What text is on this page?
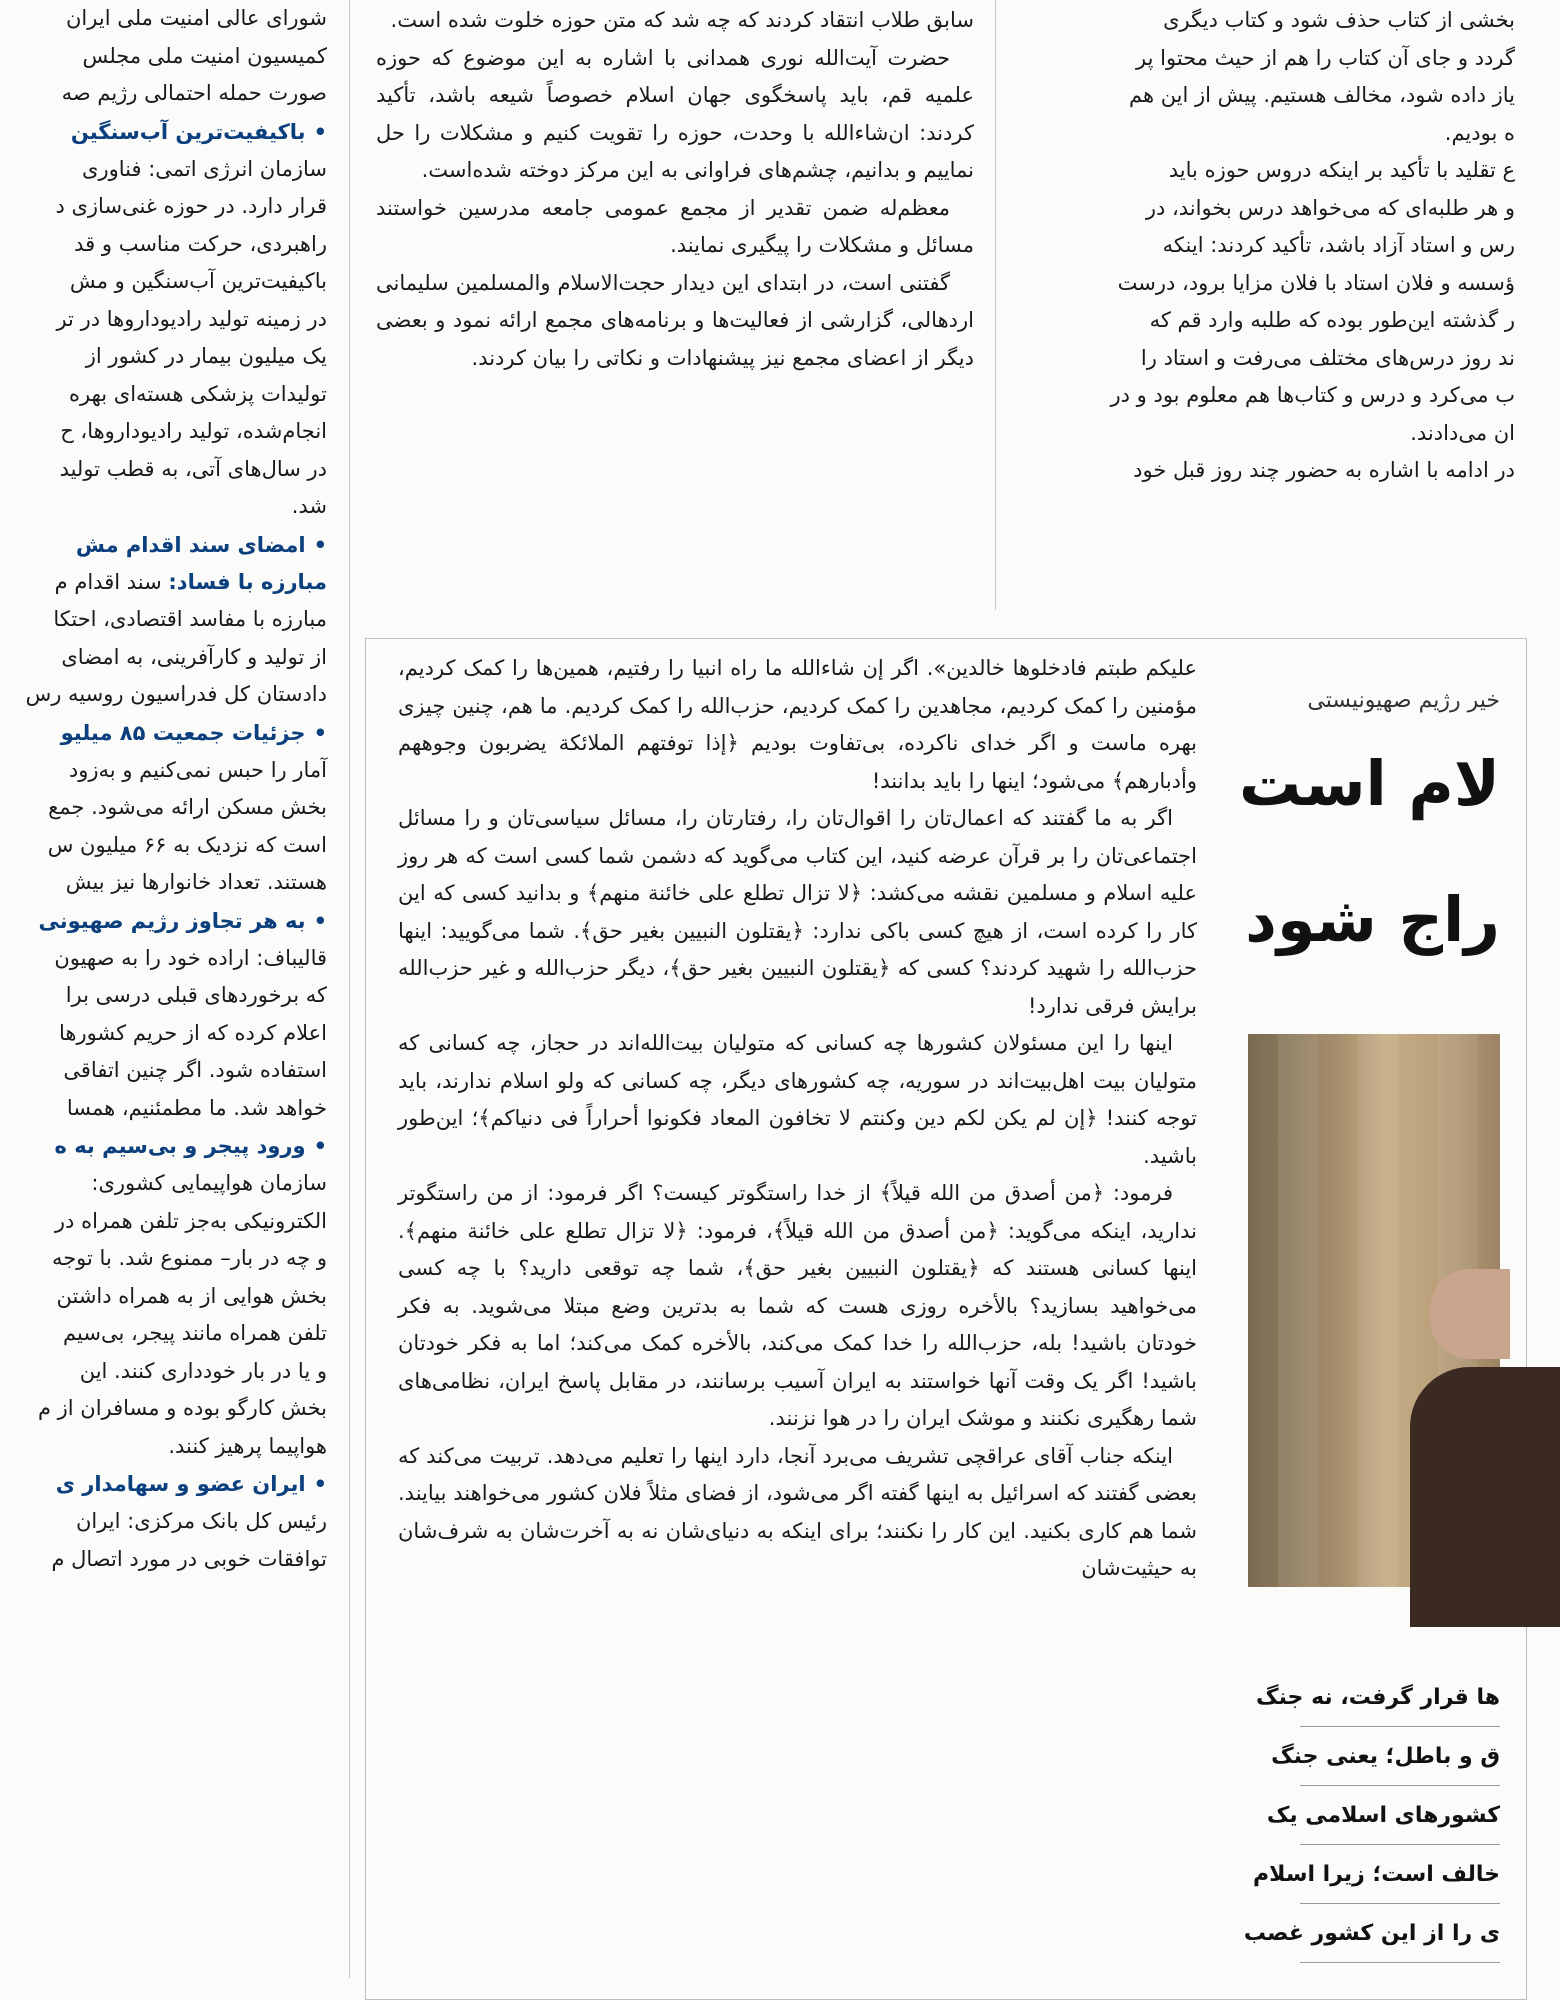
شورای عالی امنیت ملی ایران

کمیسیون امنیت ملی مجلس

صورت حمله احتمالی رژیم صه

•باکیفیت‌ترین آب‌سنگین

سازمان انرژی اتمی: فناوری

قرار دارد. در حوزه غنی‌سازی د

راهبردی، حرکت مناسب و قد

باکیفیت‌ترین آب‌سنگین و مش

در زمینه تولید رادیوداروها در تر

یک میلیون بیمار در کشور از

تولیدات پزشکی هسته‌ای بهره

انجام‌شده، تولید رادیوداروها، ح

در سال‌های آتی، به قطب تولید

شد.

•امضای سند اقدام مش

مبارزه با فساد: سند اقدام م

مبارزه با مفاسد اقتصادی، احتکا

از تولید و کارآفرینی، به امضای

دادستان کل فدراسیون روسیه رس

•جزئیات جمعیت ۸۵ میلیو

آمار را حبس نمی‌کنیم و به‌زود

بخش مسکن ارائه می‌شود. جمع

است که نزدیک به ۶۶ میلیون س

هستند. تعداد خانوارها نیز بیش

•به هر تجاوز رژیم صهیونی

قالیباف: اراده خود را به صهیون

که برخوردهای قبلی درسی برا

اعلام کرده که از حریم کشورها

استفاده شود. اگر چنین اتفاقی

خواهد شد. ما مطمئنیم، همسا

•ورود پیجر و بی‌سیم به ه

سازمان هواپیمایی کشوری:

الکترونیکی به‌جز تلفن همراه در

و چه در بار– ممنوع شد. با توجه

بخش هوایی از به همراه داشتن

تلفن همراه مانند پیجر، بی‌سیم

و یا در بار خودداری کنند. این

بخش کارگو بوده و مسافران از م

هواپیما پرهیز کنند.

•ایران عضو و سهامدار ی

رئیس کل بانک مرکزی: ایران

توافقات خوبی در مورد اتصال م

سابق طلاب انتقاد کردند که چه شد که متن حوزه خلوت شده است.

حضرت آیت‌الله نوری همدانی با اشاره به این موضوع که حوزه علمیه قم، باید پاسخگوی جهان اسلام خصوصاً شیعه باشد، تأکید کردند: ان‌شاءالله با وحدت، حوزه را تقویت کنیم و مشکلات را حل نماییم و بدانیم، چشم‌های فراوانی به این مرکز دوخته شده‌است.

معظم‌له ضمن تقدیر از مجمع عمومی جامعه مدرسین خواستند مسائل و مشکلات را پیگیری نمایند.

گفتنی است، در ابتدای این دیدار حجت‌الاسلام والمسلمین سلیمانی اردهالی، گزارشی از فعالیت‌ها و برنامه‌های مجمع ارائه نمود و بعضی دیگر از اعضای مجمع نیز پیشنهادات و نکاتی را بیان کردند.

بخشی از کتاب حذف شود و کتاب دیگری

گردد و جای آن کتاب را هم از حیث محتوا پر

یاز داده شود، مخالف هستیم. پیش از این هم

ه بودیم.

ع تقلید با تأکید بر اینکه دروس حوزه باید

و هر طلبه‌ای که می‌خواهد درس بخواند، در

رس و استاد آزاد باشد، تأکید کردند: اینکه

ؤسسه و فلان استاد با فلان مزایا برود، درست

ر گذشته این‌طور بوده که طلبه وارد قم که

ند روز درس‌های مختلف می‌رفت و استاد را

ب می‌کرد و درس و کتاب‌ها هم معلوم بود و در

ان می‌دادند.

در ادامه با اشاره به حضور چند روز قبل خود

علیکم طبتم فادخلوها خالدین». اگر إن شاءالله ما راه انبیا را رفتیم، همین‌ها را کمک کردیم، مؤمنین را کمک کردیم، مجاهدین را کمک کردیم، حزب‌الله را کمک کردیم. ما هم، چنین چیزی بهره ماست و اگر خدای ناکرده، بی‌تفاوت بودیم ﴿إذا توفتهم الملائکة یضربون وجوههم وأدبارهم﴾ می‌شود؛ اینها را باید بدانند!

اگر به ما گفتند که اعمال‌تان را اقوال‌تان را، رفتارتان را، مسائل سیاسی‌تان و را مسائل اجتماعی‌تان را بر قرآن عرضه کنید، این کتاب می‌گوید که دشمن شما کسی است که هر روز علیه اسلام و مسلمین نقشه می‌کشد: ﴿لا تزال تطلع علی خائنة منهم﴾ و بدانید کسی که این کار را کرده است، از هیچ کسی باکی ندارد: ﴿یقتلون النبیین بغیر حق﴾. شما می‌گویید: اینها حزب‌الله را شهید کردند؟ کسی که ﴿یقتلون النبیین بغیر حق﴾، دیگر حزب‌الله و غیر حزب‌الله برایش فرقی ندارد!

اینها را این مسئولان کشورها چه کسانی که متولیان بیت‌الله‌اند در حجاز، چه کسانی که متولیان بیت اهل‌بیت‌اند در سوریه، چه کشورهای دیگر، چه کسانی که ولو اسلام ندارند، باید توجه کنند! ﴿إن لم یکن لکم دین وکنتم لا تخافون المعاد فکونوا أحراراً فی دنیاکم﴾؛ این‌طور باشید.

فرمود: ﴿من أصدق من الله قیلاً﴾ از خدا راستگوتر کیست؟ اگر فرمود: از من راستگوتر ندارید، اینکه می‌گوید: ﴿من أصدق من الله قیلاً﴾، فرمود: ﴿لا تزال تطلع علی خائنة منهم﴾. اینها کسانی هستند که ﴿یقتلون النبیین بغیر حق﴾، شما چه توقعی دارید؟ با چه کسی می‌خواهید بسازید؟ بالأخره روزی هست که شما به بدترین وضع مبتلا می‌شوید. به فکر خودتان باشید! بله، حزب‌الله را خدا کمک می‌کند، بالأخره کمک می‌کند؛ اما به فکر خودتان باشید! اگر یک وقت آنها خواستند به ایران آسیب برسانند، در مقابل پاسخ ایران، نظامی‌های شما رهگیری نکنند و موشک ایران را در هوا نزنند.

اینکه جناب آقای عراقچی تشریف می‌برد آنجا، دارد اینها را تعلیم می‌دهد. تربیت می‌کند که بعضی گفتند که اسرائیل به اینها گفته اگر می‌شود، از فضای مثلاً فلان کشور می‌خواهند بیایند. شما هم کاری بکنید. این کار را نکنند؛ برای اینکه به دنیای‌شان نه به آخرت‌شان به شرف‌شان به حیثیت‌شان

خیر رژیم صهیونیستی
لام است
راج شود
ها قرار گرفت، نه جنگ
ق و باطل؛ یعنی جنگ
کشورهای اسلامی یک
خالف است؛ زیرا اسلام
ی را از این کشور غصب
